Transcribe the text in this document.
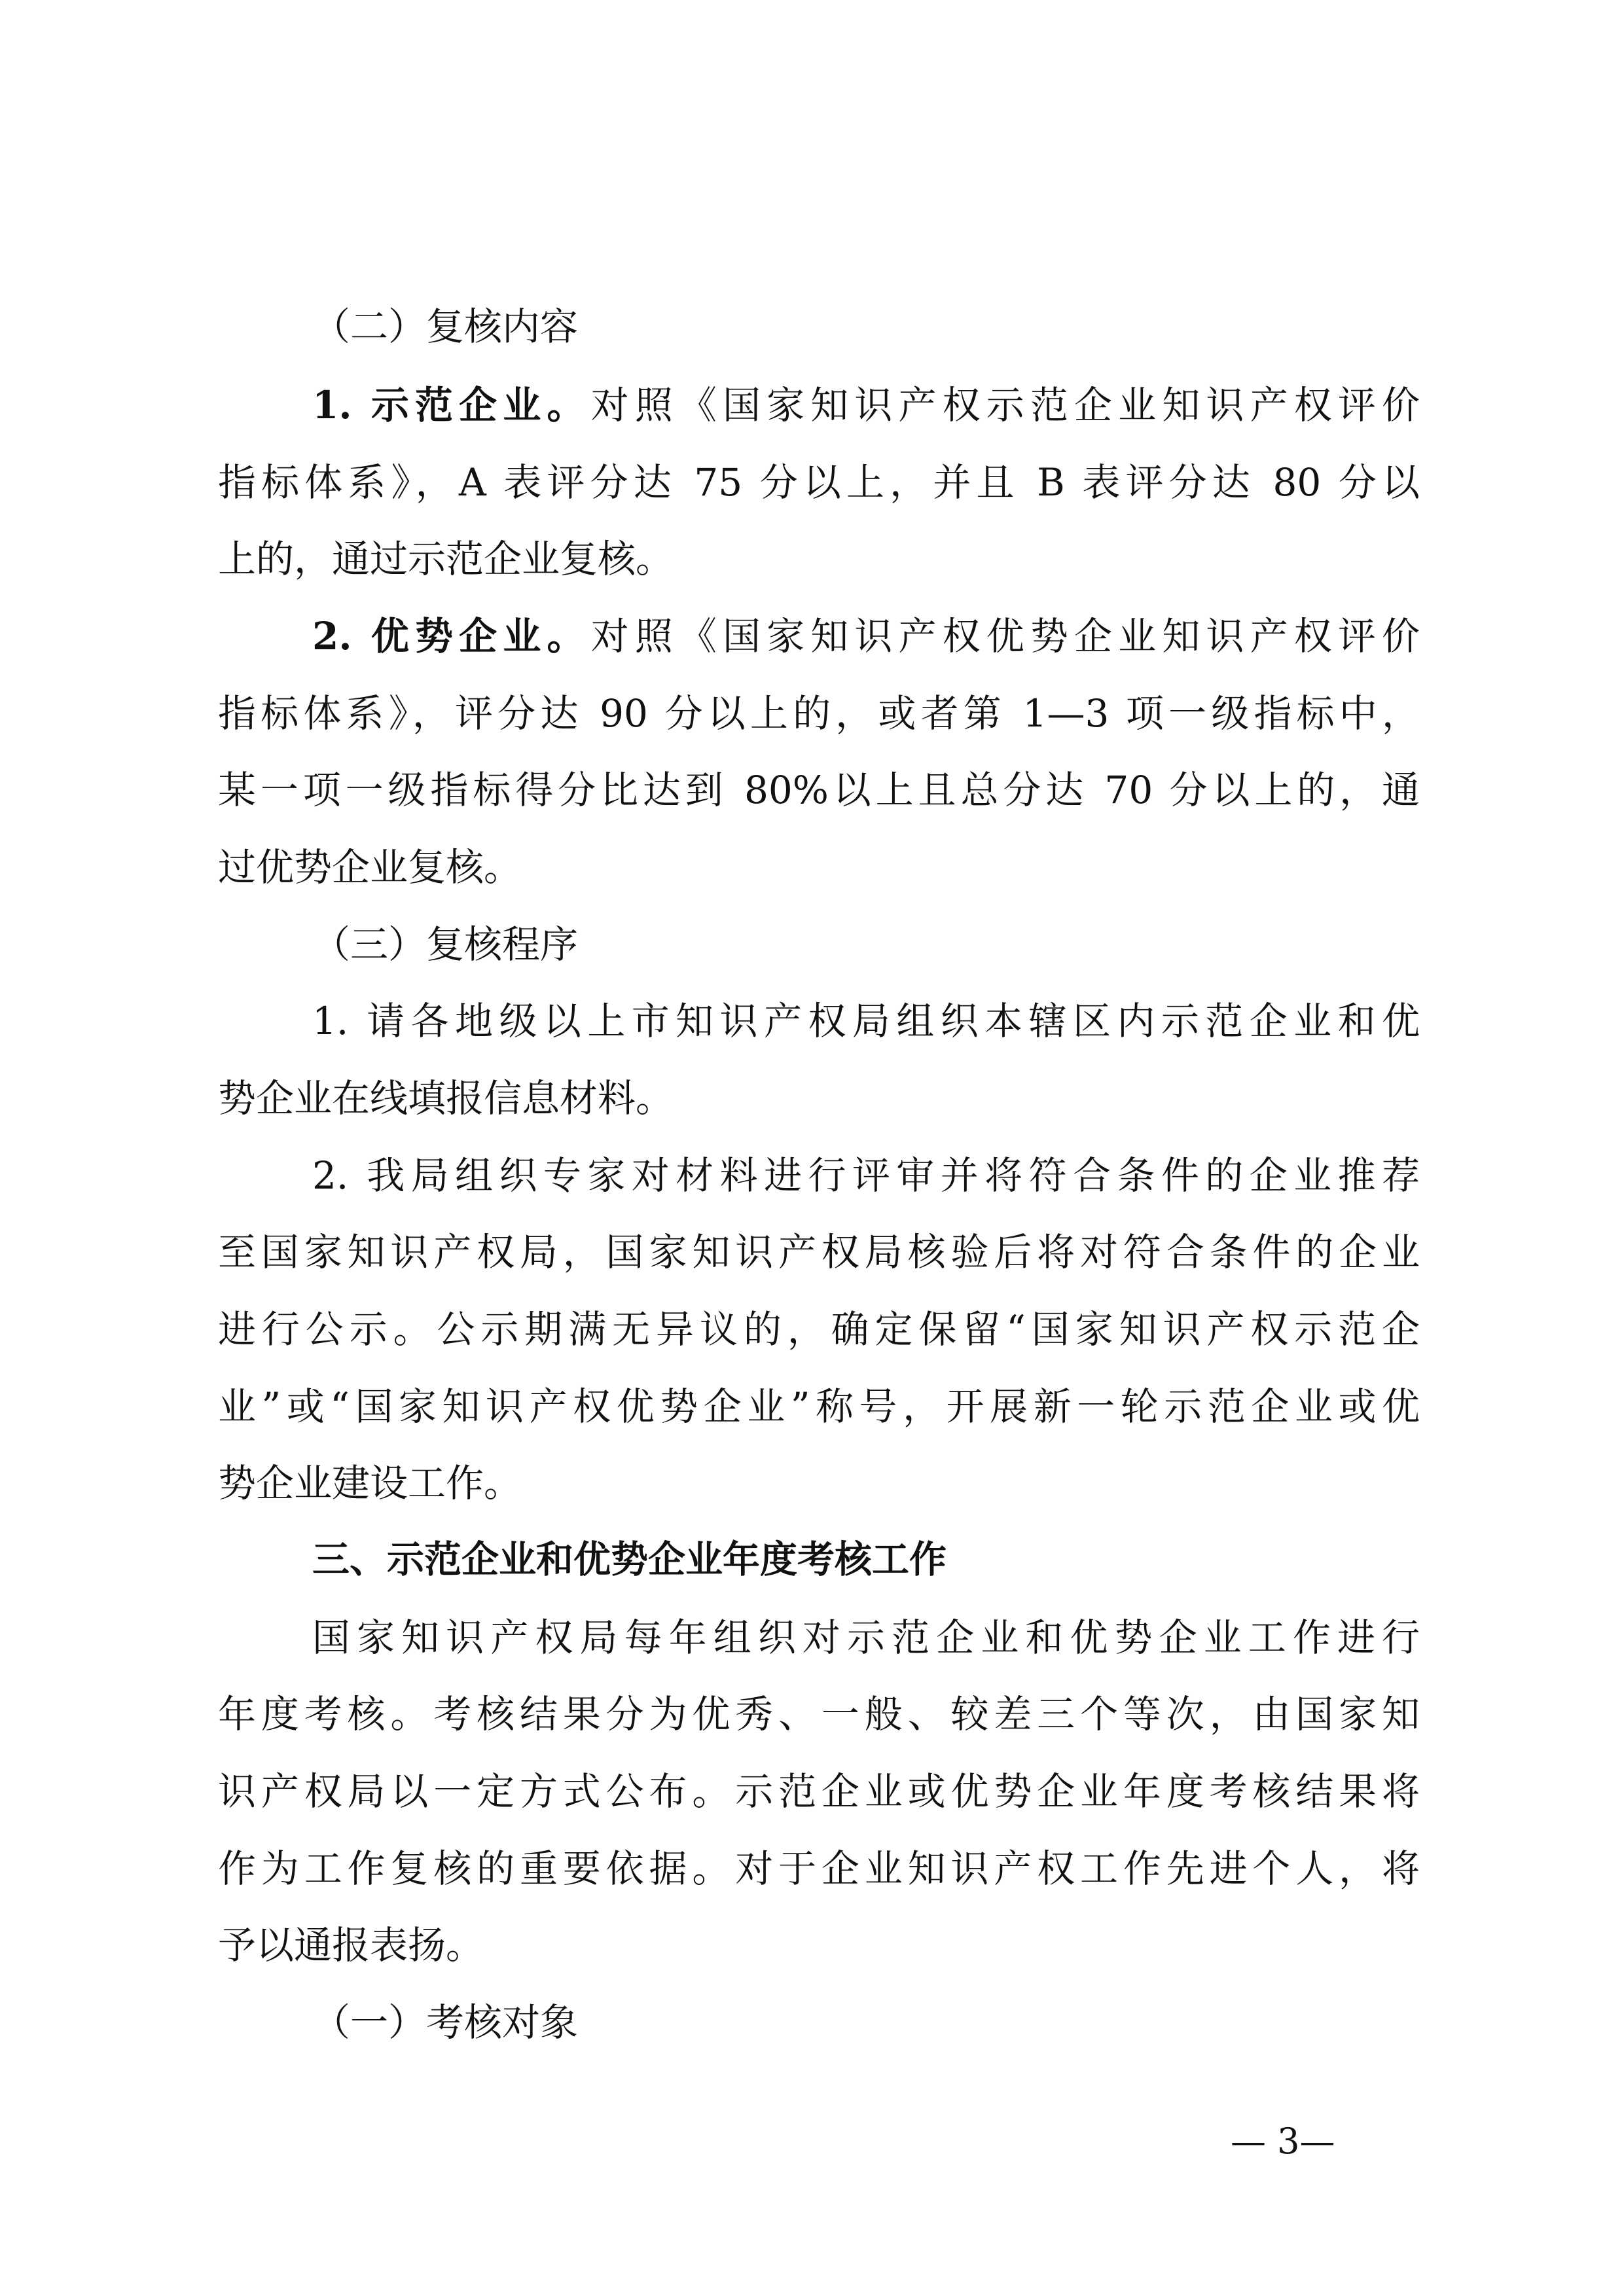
（二）复核内容
1. 示范企业。对照《国家知识产权示范企业知识产权评价
指标体系》，A 表评分达 75 分以上，并且 B 表评分达 80 分以
上的，通过示范企业复核。
2. 优势企业。对照《国家知识产权优势企业知识产权评价
指标体系》，评分达 90 分以上的，或者第 1—3 项一级指标中，
某一项一级指标得分比达到 80%以上且总分达 70 分以上的，通
过优势企业复核。
（三）复核程序
1. 请各地级以上市知识产权局组织本辖区内示范企业和优
势企业在线填报信息材料。
2. 我局组织专家对材料进行评审并将符合条件的企业推荐
至国家知识产权局，国家知识产权局核验后将对符合条件的企业
进行公示。公示期满无异议的，确定保留“国家知识产权示范企
业”或“国家知识产权优势企业”称号，开展新一轮示范企业或优
势企业建设工作。
三、示范企业和优势企业年度考核工作
国家知识产权局每年组织对示范企业和优势企业工作进行
年度考核。考核结果分为优秀、一般、较差三个等次，由国家知
识产权局以一定方式公布。示范企业或优势企业年度考核结果将
作为工作复核的重要依据。对于企业知识产权工作先进个人，将
予以通报表扬。
（一）考核对象
— 3—
